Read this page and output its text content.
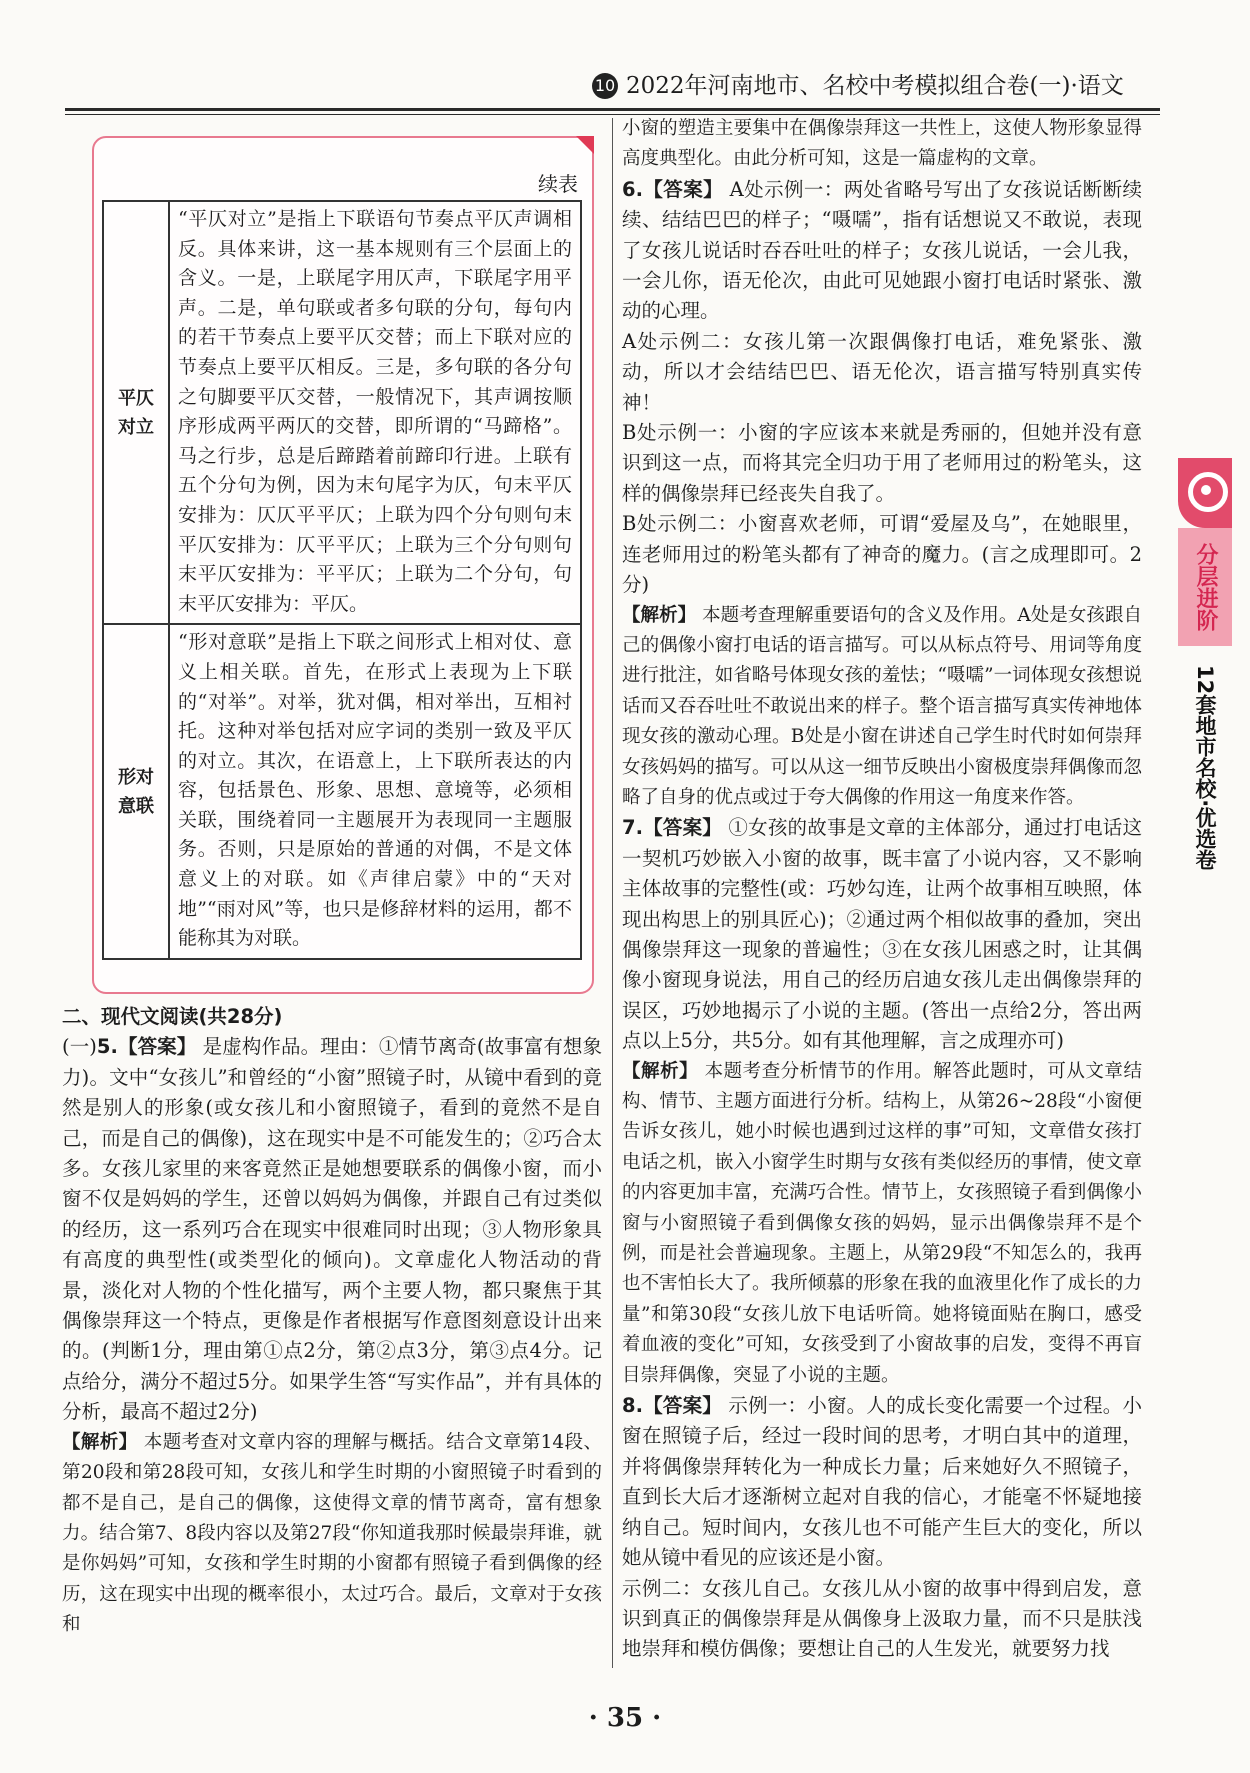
10 2022年河南地市、名校中考模拟组合卷(一)·语文
续表
平仄
对立	“平仄对立”是指上下联语句节奏点平仄声调相反。具体来讲，这一基本规则有三个层面上的含义。一是，上联尾字用仄声，下联尾字用平声。二是，单句联或者多句联的分句，每句内的若干节奏点上要平仄交替；而上下联对应的节奏点上要平仄相反。三是，多句联的各分句之句脚要平仄交替，一般情况下，其声调按顺序形成两平两仄的交替，即所谓的“马蹄格”。马之行步，总是后蹄踏着前蹄印行进。上联有五个分句为例，因为末句尾字为仄，句末平仄安排为：仄仄平平仄；上联为四个分句则句末平仄安排为：仄平平仄；上联为三个分句则句末平仄安排为：平平仄；上联为二个分句，句末平仄安排为：平仄。
形对
意联	“形对意联”是指上下联之间形式上相对仗、意义上相关联。首先，在形式上表现为上下联的“对举”。对举，犹对偶，相对举出，互相衬托。这种对举包括对应字词的类别一致及平仄的对立。其次，在语意上，上下联所表达的内容，包括景色、形象、思想、意境等，必须相关联，围绕着同一主题展开为表现同一主题服务。否则，只是原始的普通的对偶，不是文体意义上的对联。如《声律启蒙》中的“天对地”“雨对风”等，也只是修辞材料的运用，都不能称其为对联。

二、现代文阅读(共28分)

(一)5.【答案】 是虚构作品。理由：①情节离奇(故事富有想象力)。文中“女孩儿”和曾经的“小窗”照镜子时，从镜中看到的竟然是别人的形象(或女孩儿和小窗照镜子，看到的竟然不是自己，而是自己的偶像)，这在现实中是不可能发生的；②巧合太多。女孩儿家里的来客竟然正是她想要联系的偶像小窗，而小窗不仅是妈妈的学生，还曾以妈妈为偶像，并跟自己有过类似的经历，这一系列巧合在现实中很难同时出现；③人物形象具有高度的典型性(或类型化的倾向)。文章虚化人物活动的背景，淡化对人物的个性化描写，两个主要人物，都只聚焦于其偶像崇拜这一个特点，更像是作者根据写作意图刻意设计出来的。(判断1分，理由第①点2分，第②点3分，第③点4分。记点给分，满分不超过5分。如果学生答“写实作品”，并有具体的分析，最高不超过2分)

【解析】 本题考查对文章内容的理解与概括。结合文章第14段、第20段和第28段可知，女孩儿和学生时期的小窗照镜子时看到的都不是自己，是自己的偶像，这使得文章的情节离奇，富有想象力。结合第7、8段内容以及第27段“你知道我那时候最崇拜谁，就是你妈妈”可知，女孩和学生时期的小窗都有照镜子看到偶像的经历，这在现实中出现的概率很小，太过巧合。最后，文章对于女孩和

小窗的塑造主要集中在偶像崇拜这一共性上，这使人物形象显得高度典型化。由此分析可知，这是一篇虚构的文章。

6.【答案】 A处示例一：两处省略号写出了女孩说话断断续续、结结巴巴的样子；“嗫嚅”，指有话想说又不敢说，表现了女孩儿说话时吞吞吐吐的样子；女孩儿说话，一会儿我，一会儿你，语无伦次，由此可见她跟小窗打电话时紧张、激动的心理。

A处示例二：女孩儿第一次跟偶像打电话，难免紧张、激动，所以才会结结巴巴、语无伦次，语言描写特别真实传神！

B处示例一：小窗的字应该本来就是秀丽的，但她并没有意识到这一点，而将其完全归功于用了老师用过的粉笔头，这样的偶像崇拜已经丧失自我了。

B处示例二：小窗喜欢老师，可谓“爱屋及乌”，在她眼里，连老师用过的粉笔头都有了神奇的魔力。(言之成理即可。2分)

【解析】 本题考查理解重要语句的含义及作用。A处是女孩跟自己的偶像小窗打电话的语言描写。可以从标点符号、用词等角度进行批注，如省略号体现女孩的羞怯；“嗫嚅”一词体现女孩想说话而又吞吞吐吐不敢说出来的样子。整个语言描写真实传神地体现女孩的激动心理。B处是小窗在讲述自己学生时代时如何崇拜女孩妈妈的描写。可以从这一细节反映出小窗极度崇拜偶像而忽略了自身的优点或过于夸大偶像的作用这一角度来作答。

7.【答案】 ①女孩的故事是文章的主体部分，通过打电话这一契机巧妙嵌入小窗的故事，既丰富了小说内容，又不影响主体故事的完整性(或：巧妙勾连，让两个故事相互映照，体现出构思上的别具匠心)；②通过两个相似故事的叠加，突出偶像崇拜这一现象的普遍性；③在女孩儿困惑之时，让其偶像小窗现身说法，用自己的经历启迪女孩儿走出偶像崇拜的误区，巧妙地揭示了小说的主题。(答出一点给2分，答出两点以上5分，共5分。如有其他理解，言之成理亦可)

【解析】 本题考查分析情节的作用。解答此题时，可从文章结构、情节、主题方面进行分析。结构上，从第26~28段“小窗便告诉女孩儿，她小时候也遇到过这样的事”可知，文章借女孩打电话之机，嵌入小窗学生时期与女孩有类似经历的事情，使文章的内容更加丰富，充满巧合性。情节上，女孩照镜子看到偶像小窗与小窗照镜子看到偶像女孩的妈妈，显示出偶像崇拜不是个例，而是社会普遍现象。主题上，从第29段“不知怎么的，我再也不害怕长大了。我所倾慕的形象在我的血液里化作了成长的力量”和第30段“女孩儿放下电话听筒。她将镜面贴在胸口，感受着血液的变化”可知，女孩受到了小窗故事的启发，变得不再盲目崇拜偶像，突显了小说的主题。

8.【答案】 示例一：小窗。人的成长变化需要一个过程。小窗在照镜子后，经过一段时间的思考，才明白其中的道理，并将偶像崇拜转化为一种成长力量；后来她好久不照镜子，直到长大后才逐渐树立起对自我的信心，才能毫不怀疑地接纳自己。短时间内，女孩儿也不可能产生巨大的变化，所以她从镜中看见的应该还是小窗。

示例二：女孩儿自己。女孩儿从小窗的故事中得到启发，意识到真正的偶像崇拜是从偶像身上汲取力量，而不只是肤浅地崇拜和模仿偶像；要想让自己的人生发光，就要努力找

分层进阶
12套地市名校·优选卷
· 35 ·
